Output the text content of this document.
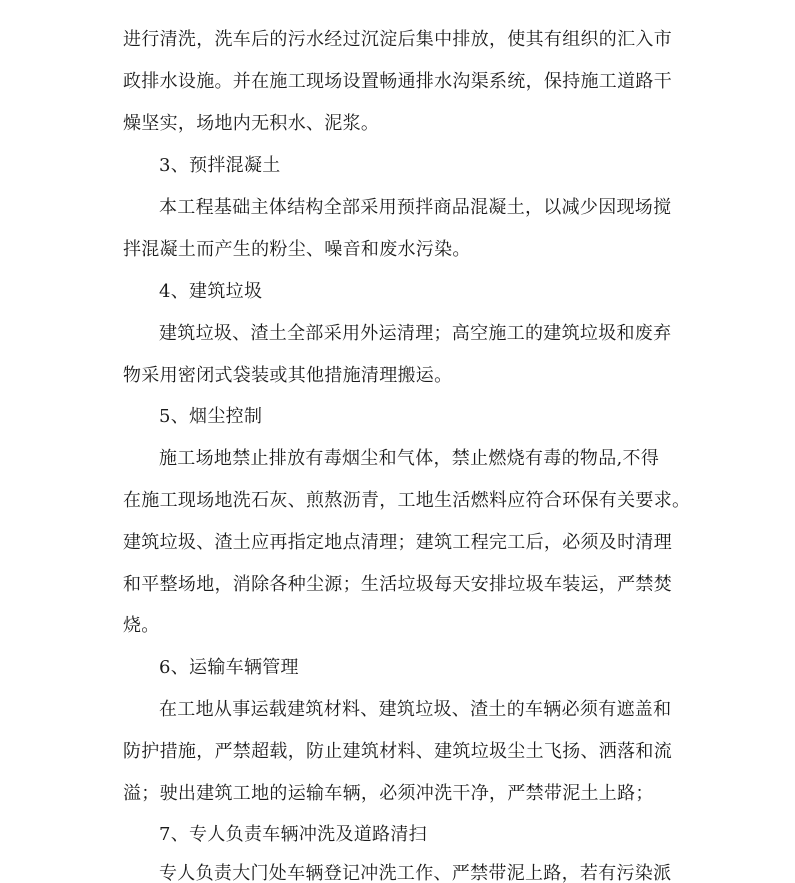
进行清洗，洗车后的污水经过沉淀后集中排放，使其有组织的汇入市
政排水设施。并在施工现场设置畅通排水沟渠系统，保持施工道路干
燥坚实，场地内无积水、泥浆。
3、预拌混凝土
本工程基础主体结构全部采用预拌商品混凝土，以减少因现场搅
拌混凝土而产生的粉尘、噪音和废水污染。
4、建筑垃圾
建筑垃圾、渣土全部采用外运清理；高空施工的建筑垃圾和废弃
物采用密闭式袋装或其他措施清理搬运。
5、烟尘控制
施工场地禁止排放有毒烟尘和气体，禁止燃烧有毒的物品,不得
在施工现场地洗石灰、煎熬沥青，工地生活燃料应符合环保有关要求。
建筑垃圾、渣土应再指定地点清理；建筑工程完工后，必须及时清理
和平整场地，消除各种尘源；生活垃圾每天安排垃圾车装运，严禁焚
烧。
6、运输车辆管理
在工地从事运载建筑材料、建筑垃圾、渣土的车辆必须有遮盖和
防护措施，严禁超载，防止建筑材料、建筑垃圾尘土飞扬、洒落和流
溢；驶出建筑工地的运输车辆，必须冲洗干净，严禁带泥土上路；
7、专人负责车辆冲洗及道路清扫
专人负责大门处车辆登记冲洗工作、严禁带泥上路，若有污染派
